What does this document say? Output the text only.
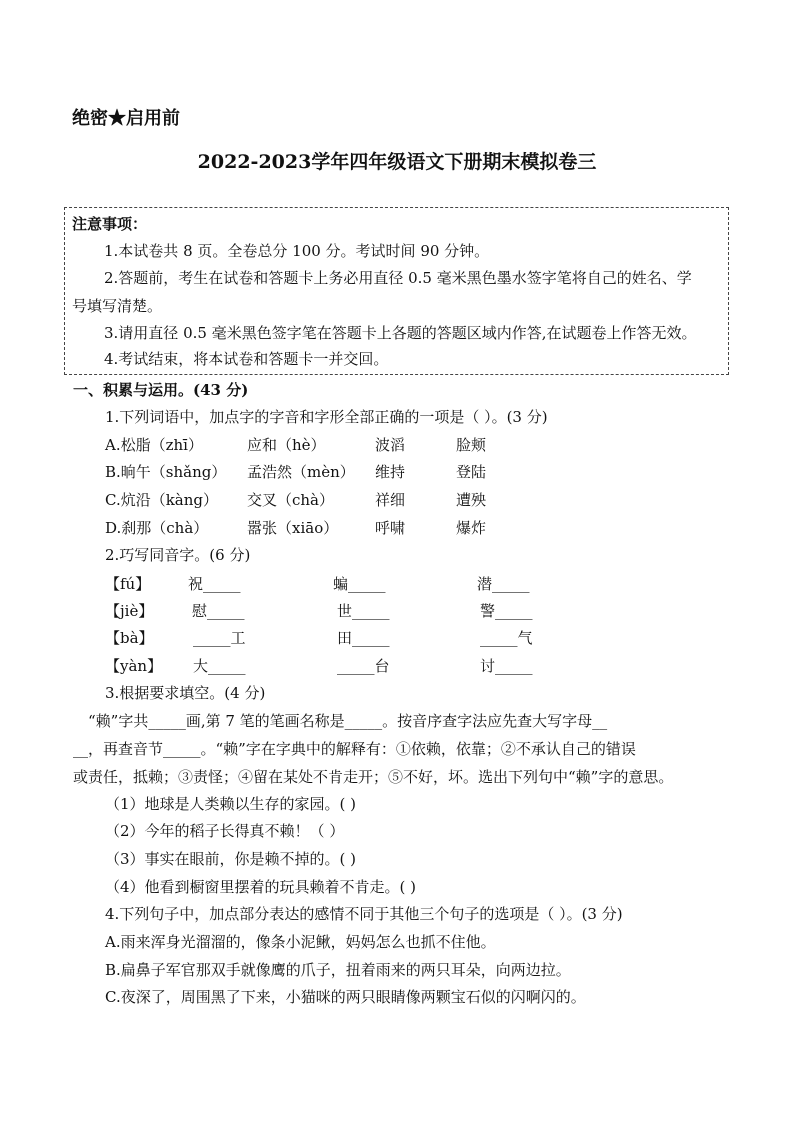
绝密★启用前
2022-2023学年四年级语文下册期末模拟卷三
注意事项：
1.本试卷共 8 页。全卷总分 100 分。考试时间 90 分钟。
2.答题前，考生在试卷和答题卡上务必用直径 0.5 毫米黑色墨水签字笔将自己的姓名、学
号填写清楚。
3.请用直径 0.5 毫米黑色签字笔在答题卡上各题的答题区域内作答,在试题卷上作答无效。
4.考试结束，将本试卷和答题卡一并交回。
一、积累与运用。(43 分)
1.下列词语中，加点字的字音和字形全部正确的一项是（ ）。(3 分)
A.松脂（zhī）	应和（hè）	波滔	脸颊
B.晌午（shǎng） 孟浩然（mèn） 维持	登陆
C.炕沿（kàng） 交叉（chà）	祥细	遭殃
D.刹那（chà）	嚣张（xiāo） 呼啸	爆炸
2.巧写同音字。(6 分)
【fú】	祝_____	蝙_____	潜_____
【jiè】	慰_____	世_____	警_____
【bà】	_____工	田_____	_____气
【yàn】 大_____	_____台	讨_____
3.根据要求填空。(4 分)
“赖”字共_____画,第 7 笔的笔画名称是_____。按音序查字法应先查大写字母__
__，再查音节_____。“赖”字在字典中的解释有：①依赖，依靠；②不承认自己的错误
或责任，抵赖；③责怪；④留在某处不肯走开；⑤不好，坏。选出下列句中“赖”字的意思。
（1）地球是人类赖以生存的家园。( )
（2）今年的稻子长得真不赖！（ ）
（3）事实在眼前，你是赖不掉的。( )
（4）他看到橱窗里摆着的玩具赖着不肯走。( )
4.下列句子中，加点部分表达的感情不同于其他三个句子的选项是（ ）。(3 分)
A.雨来浑身光溜溜的，像条小泥鳅，妈妈怎么也抓不住他。
B.扁鼻子军官那双手就像鹰的爪子，扭着雨来的两只耳朵，向两边拉。
C.夜深了，周围黑了下来，小猫咪的两只眼睛像两颗宝石似的闪啊闪的。
